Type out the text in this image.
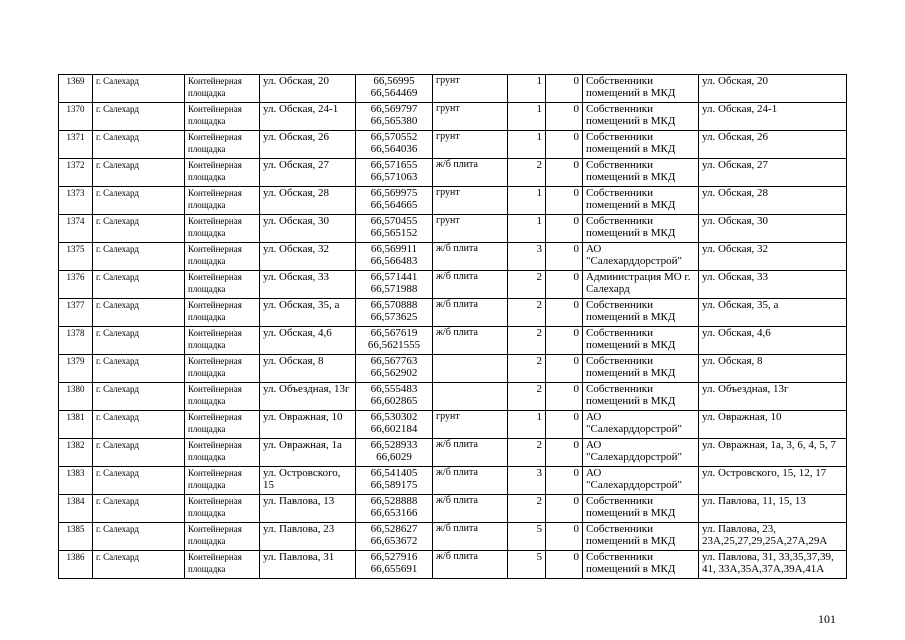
1369	г. Салехард	Контейнерная площадка	ул. Обская, 20	66,56995
66,564469	грунт	1	0	Собственники помещений в МКД	ул. Обская, 20

1370	г. Салехард	Контейнерная площадка	ул. Обская, 24-1	66,569797
66,565380	грунт	1	0	Собственники помещений в МКД	ул. Обская, 24-1

1371	г. Салехард	Контейнерная площадка	ул. Обская, 26	66,570552
66,564036	грунт	1	0	Собственники помещений в МКД	ул. Обская, 26

1372	г. Салехард	Контейнерная площадка	ул. Обская, 27	66,571655
66,571063	ж/б плита	2	0	Собственники помещений в МКД	ул. Обская, 27

1373	г. Салехард	Контейнерная площадка	ул. Обская, 28	66,569975
66,564665	грунт	1	0	Собственники помещений в МКД	ул. Обская, 28

1374	г. Салехард	Контейнерная площадка	ул. Обская, 30	66,570455
66,565152	грунт	1	0	Собственники помещений в МКД	ул. Обская, 30

1375	г. Салехард	Контейнерная площадка	ул. Обская, 32	66,569911
66,566483	ж/б плита	3	0	АО "Салехарддорстрой"	ул. Обская, 32

1376	г. Салехард	Контейнерная площадка	ул. Обская, 33	66,571441
66,571988	ж/б плита	2	0	Администрация МО г. Салехард	ул. Обская, 33

1377	г. Салехард	Контейнерная площадка	ул. Обская, 35, а	66,570888
66,573625	ж/б плита	2	0	Собственники помещений в МКД	ул. Обская, 35, а

1378	г. Салехард	Контейнерная площадка	ул. Обская, 4,6	66,567619
66,5621555	ж/б плита	2	0	Собственники помещений в МКД	ул. Обская, 4,6

1379	г. Салехард	Контейнерная площадка	ул. Обская, 8	66,567763
66,562902		2	0	Собственники помещений в МКД	ул. Обская, 8

1380	г. Салехард	Контейнерная площадка	ул. Объездная, 13г	66,555483
66,602865		2	0	Собственники помещений в МКД	ул. Объездная, 13г

1381	г. Салехард	Контейнерная площадка	ул. Овражная, 10	66,530302
66,602184	грунт	1	0	АО "Салехарддорстрой"	ул. Овражная, 10

1382	г. Салехард	Контейнерная площадка	ул. Овражная, 1а	66,528933
66,6029	ж/б плита	2	0	АО "Салехарддорстрой"	ул. Овражная, 1а, 3, 6, 4, 5, 7

1383	г. Салехард	Контейнерная площадка	ул. Островского, 15	66,541405
66,589175	ж/б плита	3	0	АО "Салехарддорстрой"	ул. Островского, 15, 12, 17

1384	г. Салехард	Контейнерная площадка	ул. Павлова, 13	66,528888
66,653166	ж/б плита	2	0	Собственники помещений в МКД	ул. Павлова, 11, 15, 13

1385	г. Салехард	Контейнерная площадка	ул. Павлова, 23	66,528627
66,653672	ж/б плита	5	0	Собственники помещений в МКД	ул. Павлова, 23, 23А,25,27,29,25А,27А,29А

1386	г. Салехард	Контейнерная площадка	ул. Павлова, 31	66,527916
66,655691	ж/б плита	5	0	Собственники помещений в МКД	ул. Павлова, 31, 33,35,37,39, 41, 33А,35А,37А,39А,41А
101
